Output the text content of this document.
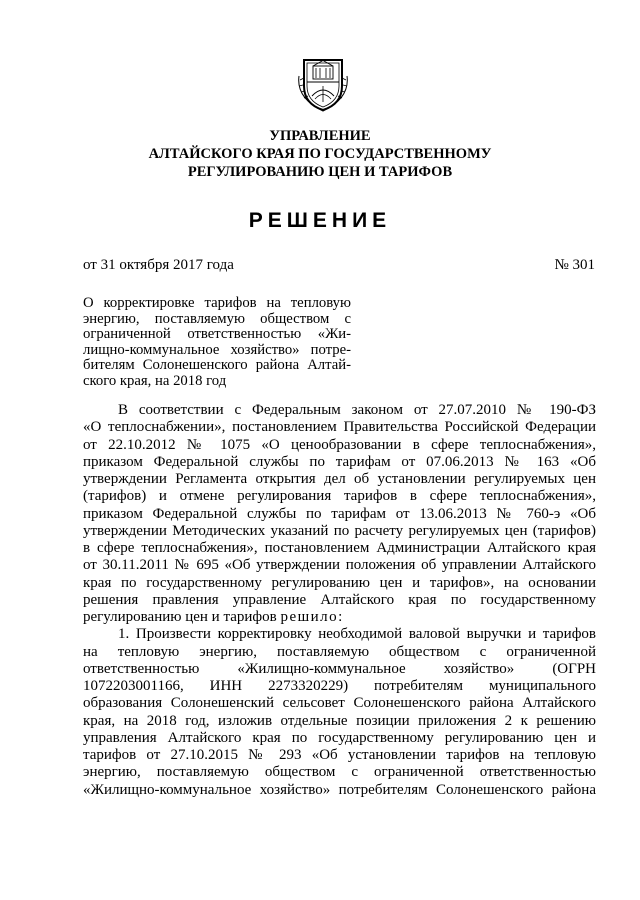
УПРАВЛЕНИЕ
АЛТАЙСКОГО КРАЯ ПО ГОСУДАРСТВЕННОМУ
РЕГУЛИРОВАНИЮ ЦЕН И ТАРИФОВ
РЕШЕНИЕ
от 31 октября 2017 года	№ 301
О корректировке тарифов на тепловую
энергию, поставляемую обществом с
ограниченной ответственностью «Жи-
лищно-коммунальное хозяйство» потре-
бителям Солонешенского района Алтай-
ского края, на 2018 год
В соответствии с Федеральным законом от 27.07.2010 № 190-ФЗ
«О теплоснабжении», постановлением Правительства Российской Федерации
от 22.10.2012 № 1075 «О ценообразовании в сфере теплоснабжения»,
приказом Федеральной службы по тарифам от 07.06.2013 № 163 «Об
утверждении Регламента открытия дел об установлении регулируемых цен
(тарифов) и отмене регулирования тарифов в сфере теплоснабжения»,
приказом Федеральной службы по тарифам от 13.06.2013 № 760-э «Об
утверждении Методических указаний по расчету регулируемых цен (тарифов)
в сфере теплоснабжения», постановлением Администрации Алтайского края
от 30.11.2011 № 695 «Об утверждении положения об управлении Алтайского
края по государственному регулированию цен и тарифов», на основании
решения правления управление Алтайского края по государственному
регулированию цен и тарифов решило:
1. Произвести корректировку необходимой валовой выручки и тарифов
на тепловую энергию, поставляемую обществом с ограниченной
ответственностью «Жилищно-коммунальное хозяйство» (ОГРН
1072203001166, ИНН 2273320229) потребителям муниципального
образования Солонешенский сельсовет Солонешенского района Алтайского
края, на 2018 год, изложив отдельные позиции приложения 2 к решению
управления Алтайского края по государственному регулированию цен и
тарифов от 27.10.2015 № 293 «Об установлении тарифов на тепловую
энергию, поставляемую обществом с ограниченной ответственностью
«Жилищно-коммунальное хозяйство» потребителям Солонешенского района
